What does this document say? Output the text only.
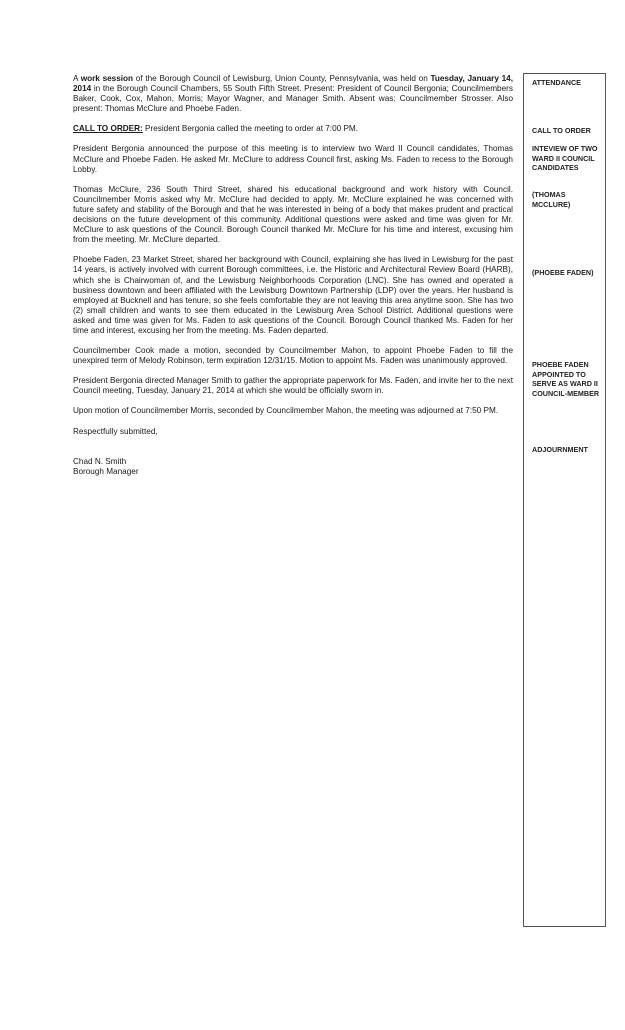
A work session of the Borough Council of Lewisburg, Union County, Pennsylvania, was held on Tuesday, January 14, 2014 in the Borough Council Chambers, 55 South Fifth Street. Present: President of Council Bergonia; Councilmembers Baker, Cook, Cox, Mahon, Morris; Mayor Wagner, and Manager Smith. Absent was: Councilmember Strosser. Also present: Thomas McClure and Phoebe Faden.

CALL TO ORDER: President Bergonia called the meeting to order at 7:00 PM.

President Bergonia announced the purpose of this meeting is to interview two Ward II Council candidates, Thomas McClure and Phoebe Faden. He asked Mr. McClure to address Council first, asking Ms. Faden to recess to the Borough Lobby.

Thomas McClure, 236 South Third Street, shared his educational background and work history with Council. Councilmember Morris asked why Mr. McClure had decided to apply. Mr. McClure explained he was concerned with future safety and stability of the Borough and that he was interested in being of a body that makes prudent and practical decisions on the future development of this community. Additional questions were asked and time was given for Mr. McClure to ask questions of the Council. Borough Council thanked Mr. McClure for his time and interest, excusing him from the meeting. Mr. McClure departed.

Phoebe Faden, 23 Market Street, shared her background with Council, explaining she has lived in Lewisburg for the past 14 years, is actively involved with current Borough committees, i.e. the Historic and Architectural Review Board (HARB), which she is Chairwoman of, and the Lewisburg Neighborhoods Corporation (LNC). She has owned and operated a business downtown and been affiliated with the Lewisburg Downtown Partnership (LDP) over the years. Her husband is employed at Bucknell and has tenure, so she feels comfortable they are not leaving this area anytime soon. She has two (2) small children and wants to see them educated in the Lewisburg Area School District. Additional questions were asked and time was given for Ms. Faden to ask questions of the Council. Borough Council thanked Ms. Faden for her time and interest, excusing her from the meeting. Ms. Faden departed.

Councilmember Cook made a motion, seconded by Councilmember Mahon, to appoint Phoebe Faden to fill the unexpired term of Melody Robinson, term expiration 12/31/15. Motion to appoint Ms. Faden was unanimously approved.

President Bergonia directed Manager Smith to gather the appropriate paperwork for Ms. Faden, and invite her to the next Council meeting, Tuesday, January 21, 2014 at which she would be officially sworn in.

Upon motion of Councilmember Morris, seconded by Councilmember Mahon, the meeting was adjourned at 7:50 PM.

Respectfully submitted,

Chad N. Smith
Borough Manager
ATTENDANCE
CALL TO ORDER
INTEVIEW OF TWO WARD II COUNCIL CANDIDATES
(THOMAS MCCLURE)
(PHOEBE FADEN)
PHOEBE FADEN APPOINTED TO SERVE AS WARD II COUNCIL-MEMBER
ADJOURNMENT
